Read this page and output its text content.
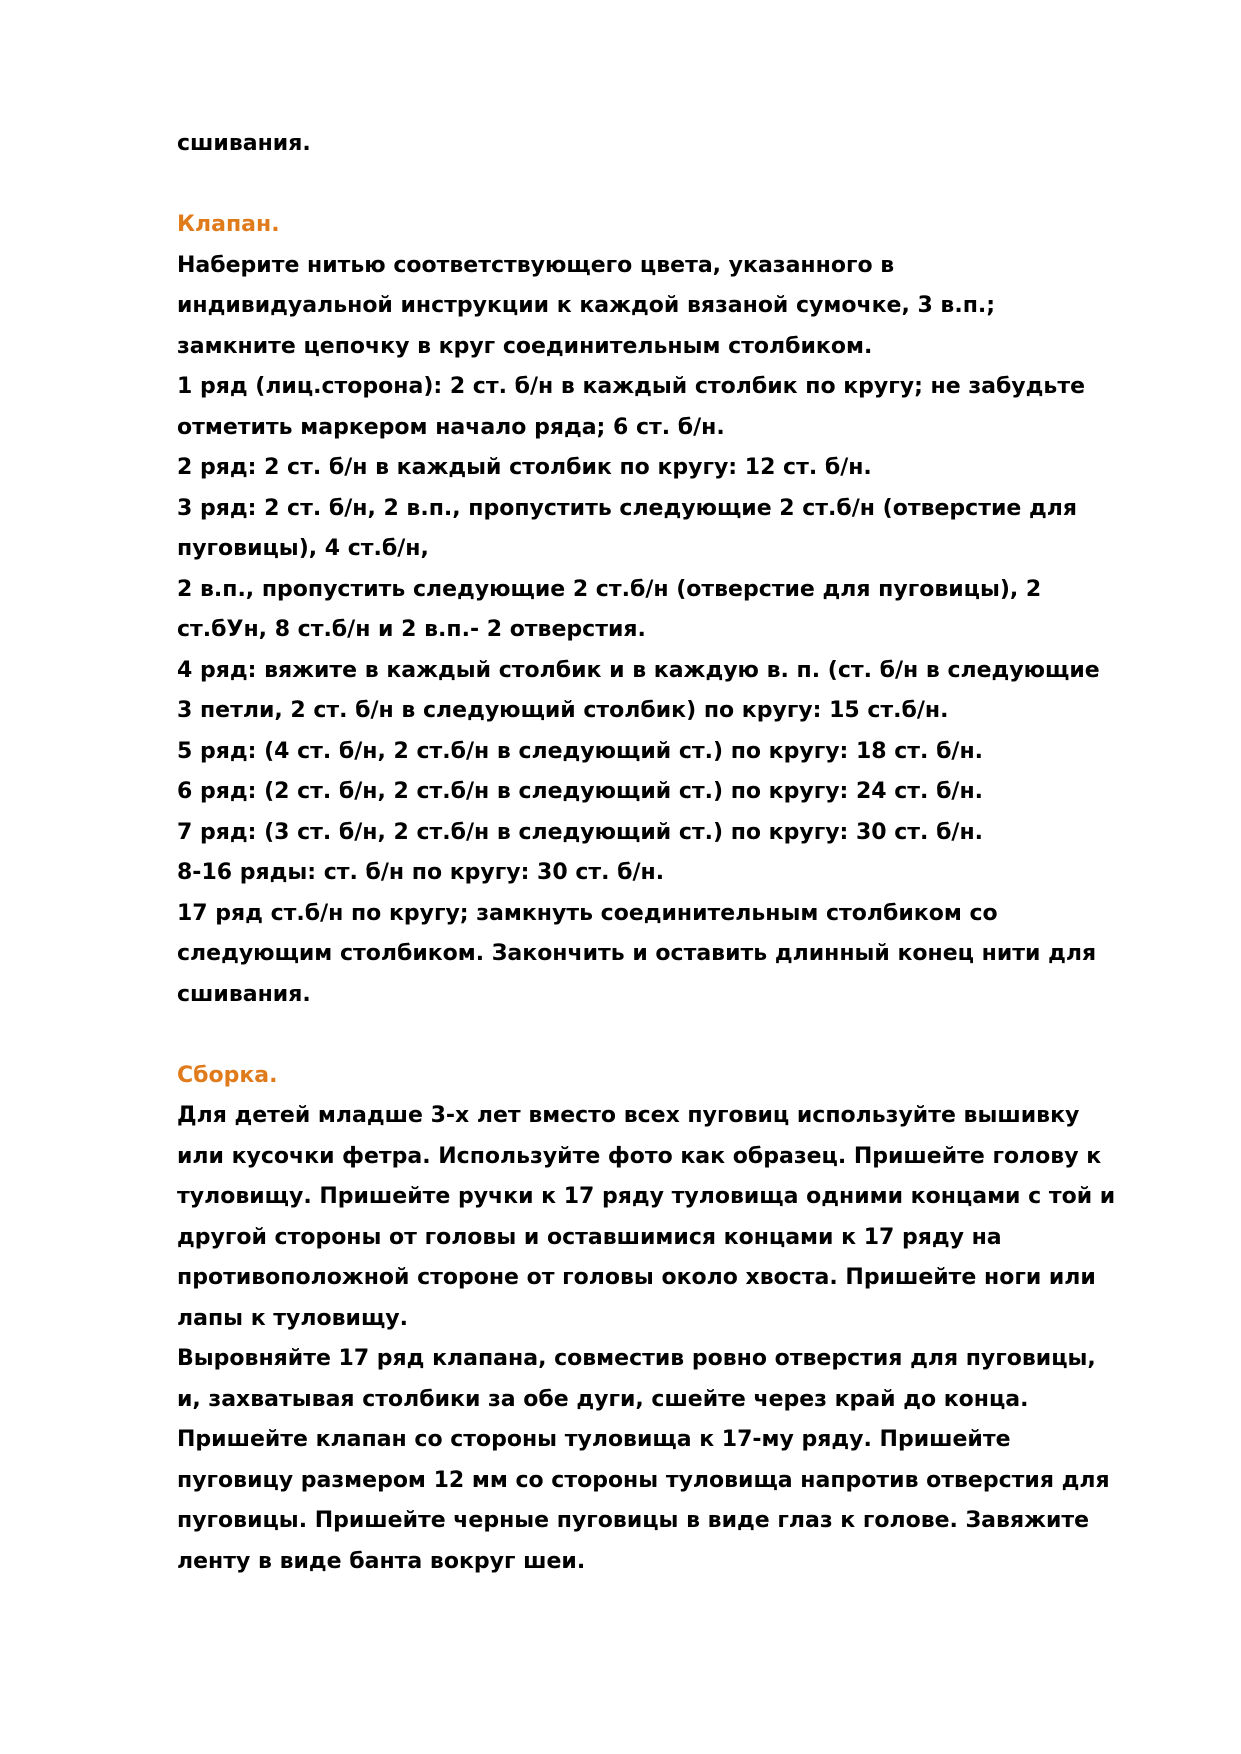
сшивания.
Клапан.
Наберите нитью соответствующего цвета, указанного в
индивидуальной инструкции к каждой вязаной сумочке, 3 в.п.;
замкните цепочку в круг соединительным столбиком.
1 ряд (лиц.сторона): 2 ст. б/н в каждый столбик по кругу; не забудьте
отметить маркером начало ряда; 6 ст. б/н.
2 ряд: 2 ст. б/н в каждый столбик по кругу: 12 ст. б/н.
3 ряд: 2 ст. б/н, 2 в.п., пропустить следующие 2 ст.б/н (отверстие для
пуговицы), 4 ст.б/н,
2 в.п., пропустить следующие 2 ст.б/н (отверстие для пуговицы), 2
ст.бУн, 8 ст.б/н и 2 в.п.- 2 отверстия.
4 ряд: вяжите в каждый столбик и в каждую в. п. (ст. б/н в следующие
3 петли, 2 ст. б/н в следующий столбик) по кругу: 15 ст.б/н.
5 ряд: (4 ст. б/н, 2 ст.б/н в следующий ст.) по кругу: 18 ст. б/н.
6 ряд: (2 ст. б/н, 2 ст.б/н в следующий ст.) по кругу: 24 ст. б/н.
7 ряд: (3 ст. б/н, 2 ст.б/н в следующий ст.) по кругу: 30 ст. б/н.
8-16 ряды: ст. б/н по кругу: 30 ст. б/н.
17 ряд ст.б/н по кругу; замкнуть соединительным столбиком со
следующим столбиком. Закончить и оставить длинный конец нити для
сшивания.
Сборка.
Для детей младше 3-х лет вместо всех пуговиц используйте вышивку
или кусочки фетра. Используйте фото как образец. Пришейте голову к
туловищу. Пришейте ручки к 17 ряду туловища одними концами с той и
другой стороны от головы и оставшимися концами к 17 ряду на
противоположной стороне от головы около хвоста. Пришейте ноги или
лапы к туловищу.
Выровняйте 17 ряд клапана, совместив ровно отверстия для пуговицы,
и, захватывая столбики за обе дуги, сшейте через край до конца.
Пришейте клапан со стороны туловища к 17-му ряду. Пришейте
пуговицу размером 12 мм со стороны туловища напротив отверстия для
пуговицы. Пришейте черные пуговицы в виде глаз к голове. Завяжите
ленту в виде банта вокруг шеи.
